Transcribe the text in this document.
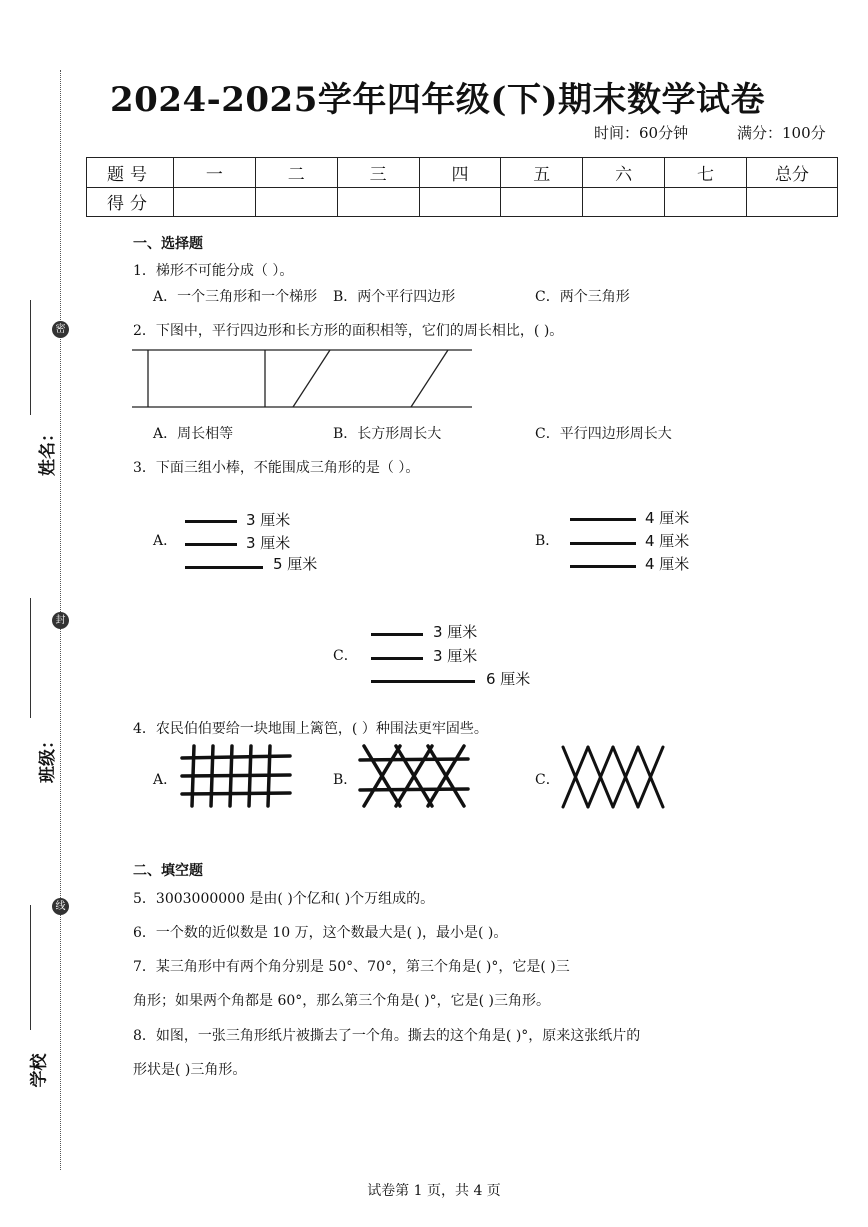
密
封
线
姓名：
班级：
学校
2024-2025学年四年级(下)期末数学试卷
时间：60分钟	满分：100分
题号	一	二	三	四	五	六	七	总分
得分								
一、选择题
1．梯形不可能分成（ ）。
A．一个三角形和一个梯形 B．两个平行四边形	C．两个三角形
2．下图中，平行四边形和长方形的面积相等，它们的周长相比，( )。
A．周长相等	B．长方形周长大	C．平行四边形周长大
3．下面三组小棒，不能围成三角形的是（ ）。
A．
3 厘米
3 厘米
5 厘米
B．
4 厘米
4 厘米
4 厘米
C．
3 厘米
3 厘米
6 厘米
4．农民伯伯要给一块地围上篱笆，( ）种围法更牢固些。
A．	B．	C．
二、填空题
5．3003000000 是由( )个亿和( )个万组成的。
6．一个数的近似数是 10 万，这个数最大是( )，最小是( )。
7．某三角形中有两个角分别是 50°、70°，第三个角是( )°，它是( )三
角形；如果两个角都是 60°，那么第三个角是( )°，它是( )三角形。
8．如图，一张三角形纸片被撕去了一个角。撕去的这个角是( )°，原来这张纸片的
形状是( )三角形。
试卷第 1 页，共 4 页
